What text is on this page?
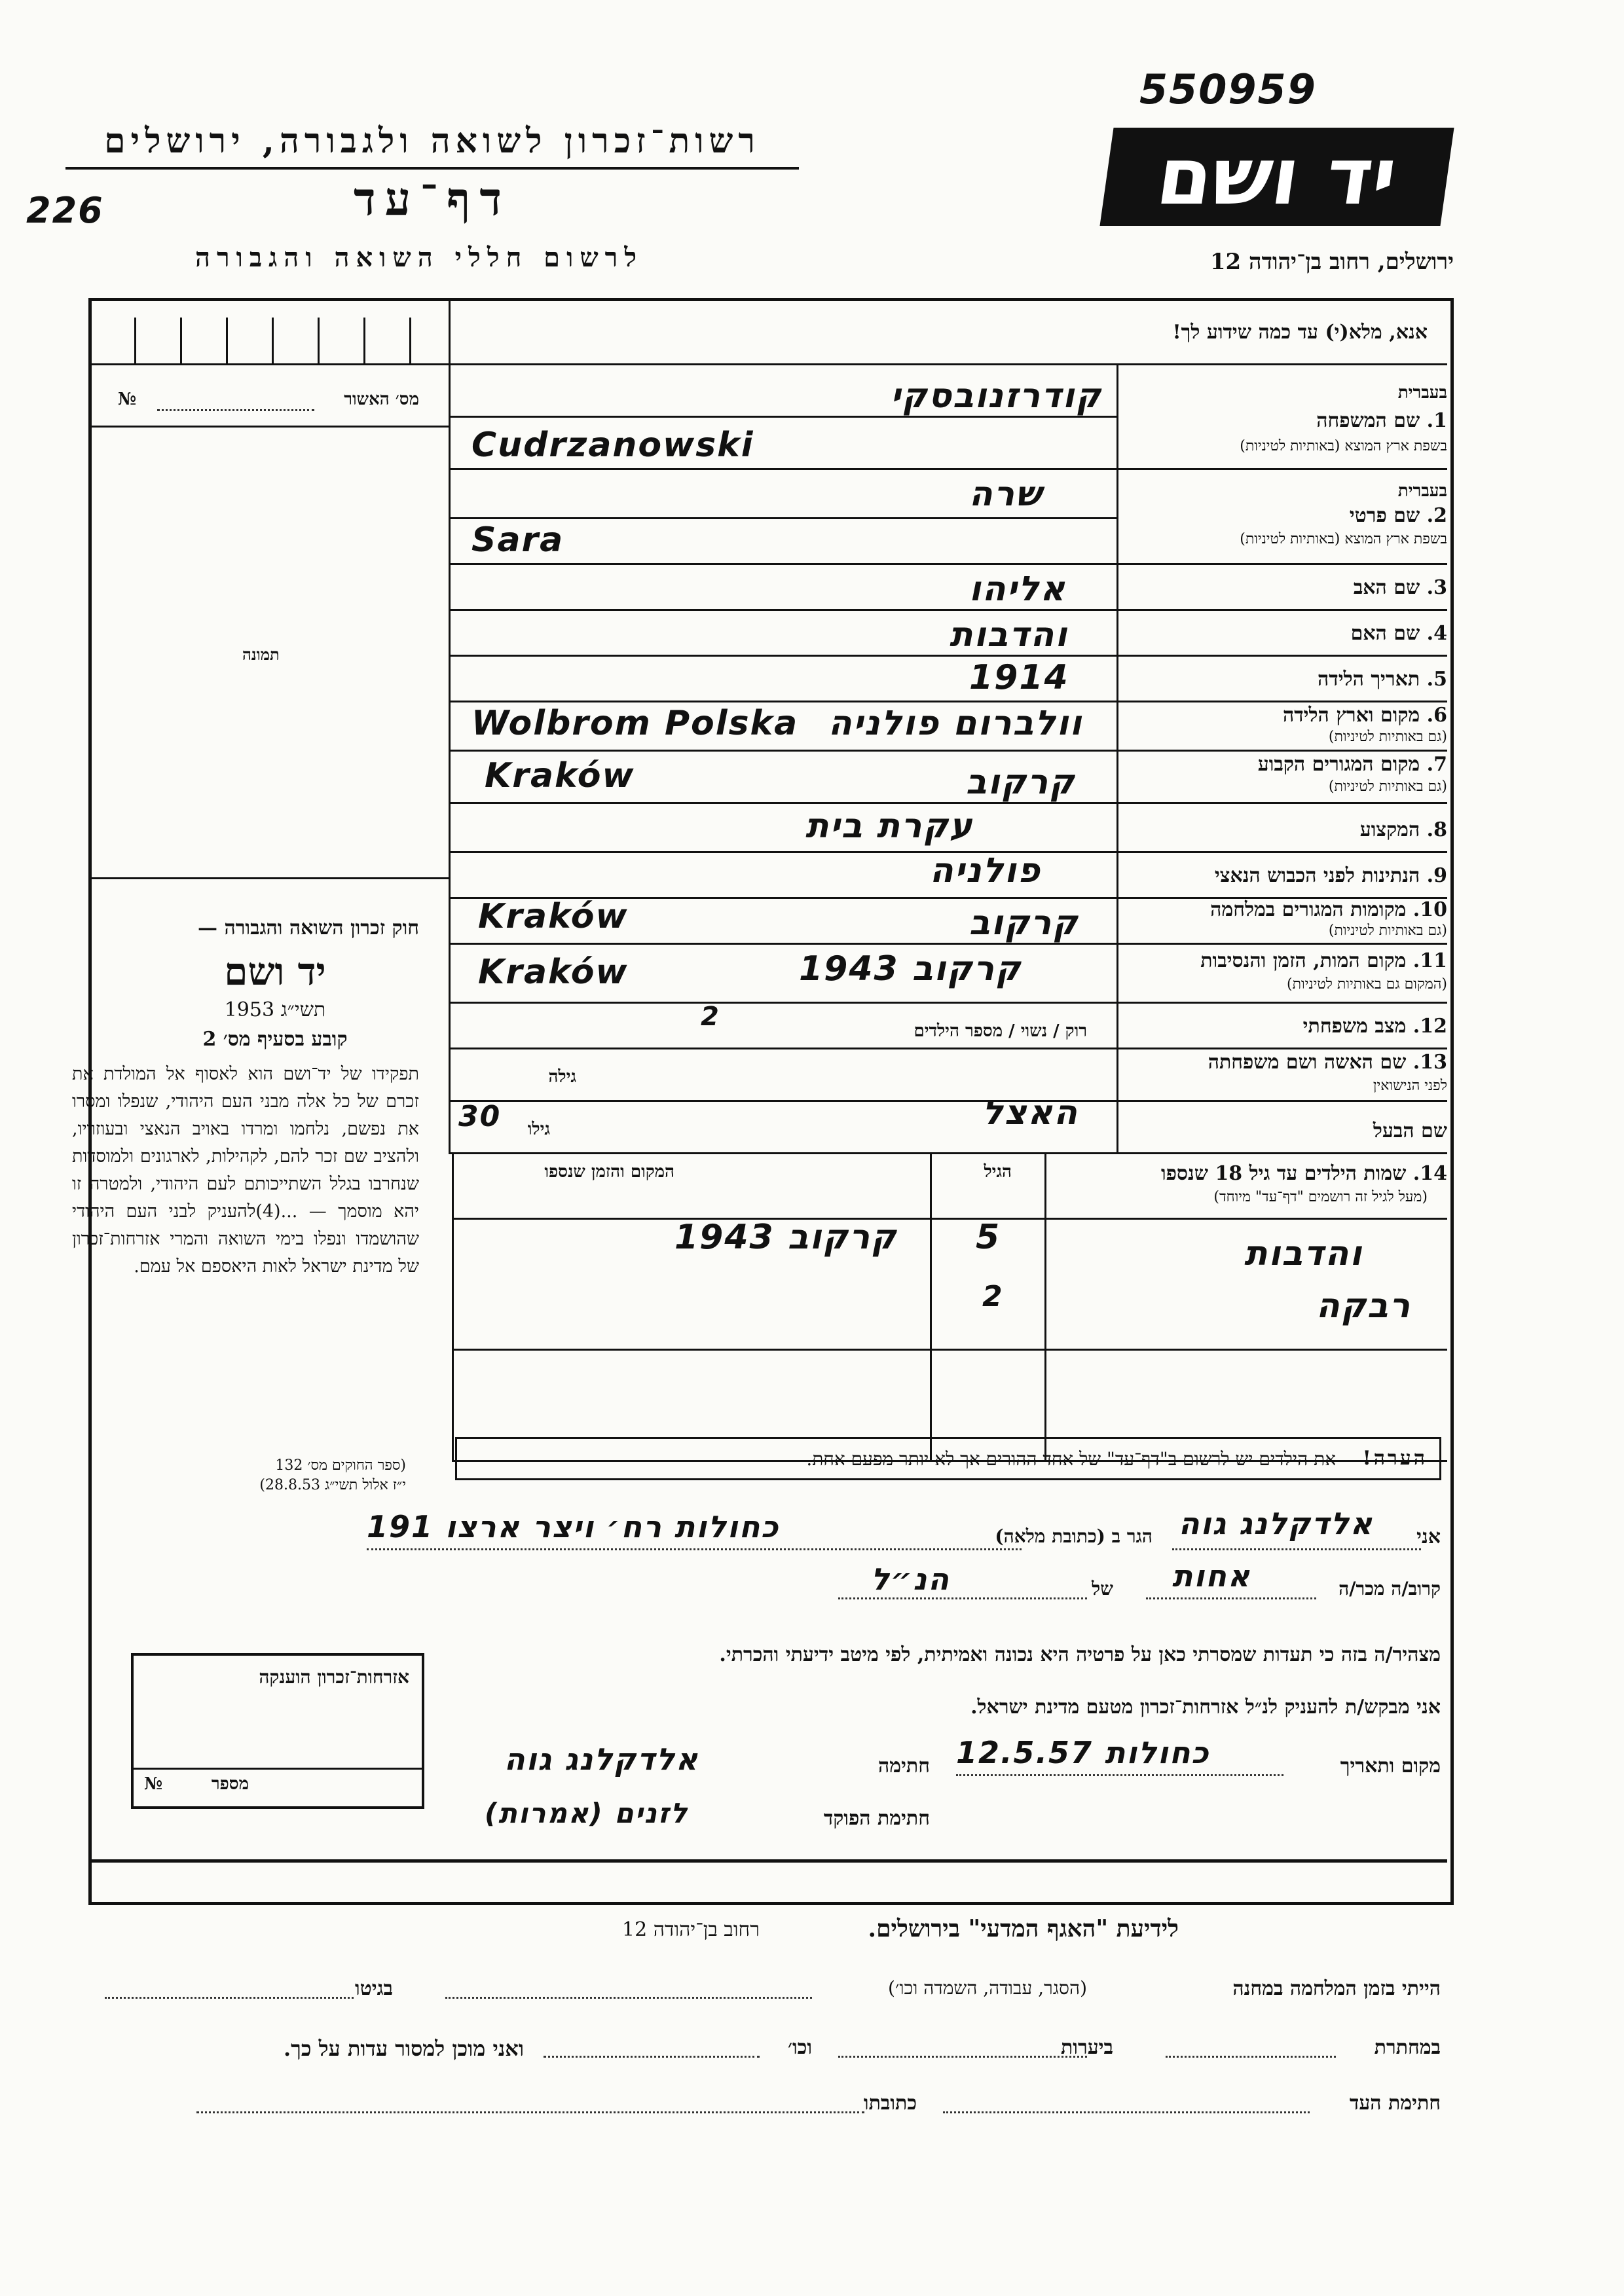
550959
226
רשות־זכרון לשואה ולגבורה, ירושלים
דף־עד
לרשום חללי השואה והגבורה
יד ושם
ירושלים, רחוב בן־יהודה 12
אנא, מלא(י) עד כמה שידוע לך!
מס׳ האשור
№
תמונה
חוק זכרון השואה והגבורה —
יד ושם
תשי״ג 1953
קובע בסעיף מס׳ 2
תפקידו של יד־ושם הוא לאסוף אל המולדת את זכרם של כל אלה מבני העם היהודי, שנפלו ומסרו את נפשם, נלחמו ומרדו באויב הנאצי ובעוזריו, ולהציב שם זכר להם, לקהילות, לארגונים ולמוסדות שנחרבו בגלל השתייכותם לעם היהודי, ולמטרה זו יהא מוסמך — ...(4)להעניק לבני העם היהודי שהושמדו ונפלו בימי השואה והמרי אזרחות־זכרון של מדינת ישראל לאות היאספם אל עמם.
(ספר החוקים מס׳ 132
י״ז אלול תשי״ג 28.8.53)
בעברית
1. שם המשפחה
בשפת ארץ המוצא (באותיות לטיניות)
קודרזנובסקי
Cudrzanowski
בעברית
2. שם פרטי
בשפת ארץ המוצא (באותיות לטיניות)
שרה
Sara
3. שם האב
אליהו
4. שם האם
והדבות
5. תאריך הלידה
1914
6. מקום וארץ הלידה
(גם באותיות לטיניות)
וולברום פולניה
Wolbrom Polska
7. מקום המגורים הקבוע
(גם באותיות לטיניות)
קרקוב
Kraków
8. המקצוע
עקרת בית
9. הנתינות לפני הכבוש הנאצי
פולניה
10. מקומות המגורים במלחמה
(גם באותיות לטיניות)
קרקוב
Kraków
11. מקום המות, הזמן והנסיבות
(המקום גם באותיות לטיניות)
קרקוב 1943
Kraków
12. מצב משפחתי
רוק / נשוי / מספר הילדים
2
13. שם האשה ושם משפחתה
לפני הנישואין
גילה
שם הבעל
האצל
גילו
30
14. שמות הילדים עד גיל 18 שנספו
(מעל לגיל זה רושמים "דף־עד" מיוחד)
הגיל
המקום והזמן שנספו
והדבות
5
קרקוב 1943
רבקה
2
הערה!
את הילדים יש לרשום ב"דף־עד" של אחד ההורים אך לא יותר מפעם אחת.
אני
אלדקלנג גוה
הגר ב (כתובת מלאה)
כחולות רח׳ ויצר ארצו 191
קרוב/ה מכר/ה
אחות
של
הנ״ל
מצהיר/ה בזה כי תעדות שמסרתי כאן על פרטיה היא נכונה ואמיתית, לפי מיטב ידיעתי והכרתי.
אני מבקש/ת להעניק לנ״ל אזרחות־זכרון מטעם מדינת ישראל.
מקום ותאריך
כחולות 12.5.57
חתימה
אלדקלנג גוה
חתימת הפוקד
לזנים (אמרות)
אזרחות־זכרון הוענקה
מספר
№
לידיעת "האגף המדעי" בירושלים.
רחוב בן־יהודה 12
הייתי בזמן המלחמה במחנה
(הסגר, עבודה, השמדה וכו׳)
בגיטו
במחתרת
ביערות
וכו׳
ואני מוכן למסור עדות על כך.
חתימת העד
כתובתו
